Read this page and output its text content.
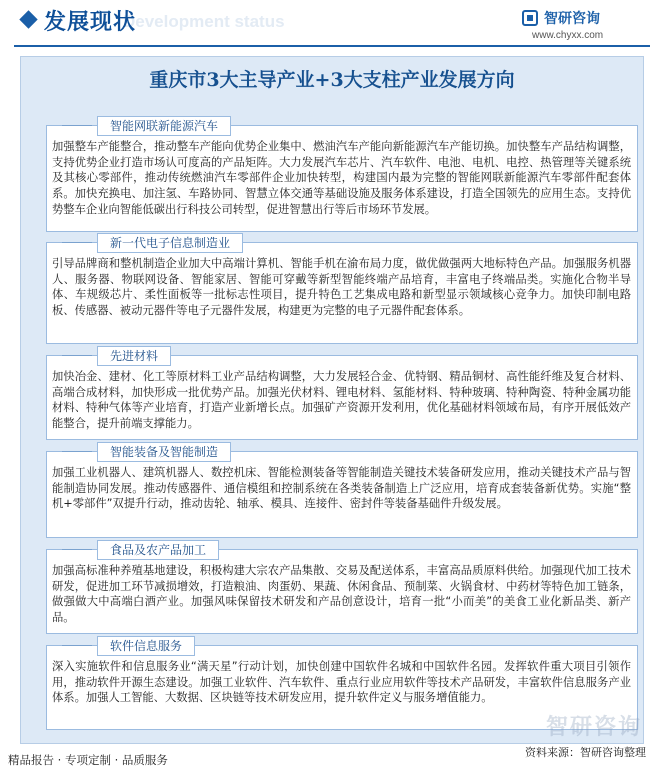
Development status
发展现状	智研咨询
www.chyxx.com
重庆市3大主导产业+3大支柱产业发展方向
智能网联新能源汽车
加强整车产能整合，推动整车产能向优势企业集中、燃油汽车产能向新能源汽车产能切换。加快整车产品结构调整，支持优势企业打造市场认可度高的产品矩阵。大力发展汽车芯片、汽车软件、电池、电机、电控、热管理等关键系统及其核心零部件，推动传统燃油汽车零部件企业加快转型，构建国内最为完整的智能网联新能源汽车零部件配套体系。加快充换电、加注氢、车路协同、智慧立体交通等基础设施及服务体系建设，打造全国领先的应用生态。支持优势整车企业向智能低碳出行科技公司转型，促进智慧出行等后市场环节发展。
新一代电子信息制造业
引导品牌商和整机制造企业加大中高端计算机、智能手机在渝布局力度，做优做强两大地标特色产品。加强服务机器人、服务器、物联网设备、智能家居、智能可穿戴等新型智能终端产品培育，丰富电子终端品类。实施化合物半导体、车规级芯片、柔性面板等一批标志性项目，提升特色工艺集成电路和新型显示领域核心竞争力。加快印制电路板、传感器、被动元器件等电子元器件发展，构建更为完整的电子元器件配套体系。
先进材料
加快冶金、建材、化工等原材料工业产品结构调整，大力发展轻合金、优特钢、精品铜材、高性能纤维及复合材料、高端合成材料，加快形成一批优势产品。加强光伏材料、锂电材料、氢能材料、特种玻璃、特种陶瓷、特种金属功能材料、特种气体等产业培育，打造产业新增长点。加强矿产资源开发利用，优化基础材料领域布局，有序开展低效产能整合，提升前端支撑能力。
智能装备及智能制造
加强工业机器人、建筑机器人、数控机床、智能检测装备等智能制造关键技术装备研发应用，推动关键技术产品与智能制造协同发展。推动传感器件、通信模组和控制系统在各类装备制造上广泛应用，培育成套装备新优势。实施“整机+零部件”双提升行动，推动齿轮、轴承、模具、连接件、密封件等装备基础件升级发展。
食品及农产品加工
加强高标准种养殖基地建设，积极构建大宗农产品集散、交易及配送体系，丰富高品质原料供给。加强现代加工技术研发，促进加工环节减损增效，打造粮油、肉蛋奶、果蔬、休闲食品、预制菜、火锅食材、中药材等特色加工链条，做强做大中高端白酒产业。加强风味保留技术研发和产品创意设计，培育一批“小而美”的美食工业化新品类、新产品。
软件信息服务
深入实施软件和信息服务业“满天星”行动计划，加快创建中国软件名城和中国软件名园。发挥软件重大项目引领作用，推动软件开源生态建设。加强工业软件、汽车软件、重点行业应用软件等技术产品研发，丰富软件信息服务产业体系。加强人工智能、大数据、区块链等技术研发应用，提升软件定义与服务增值能力。
智研咨询
精品报告 · 专项定制 · 品质服务
资料来源：智研咨询整理
